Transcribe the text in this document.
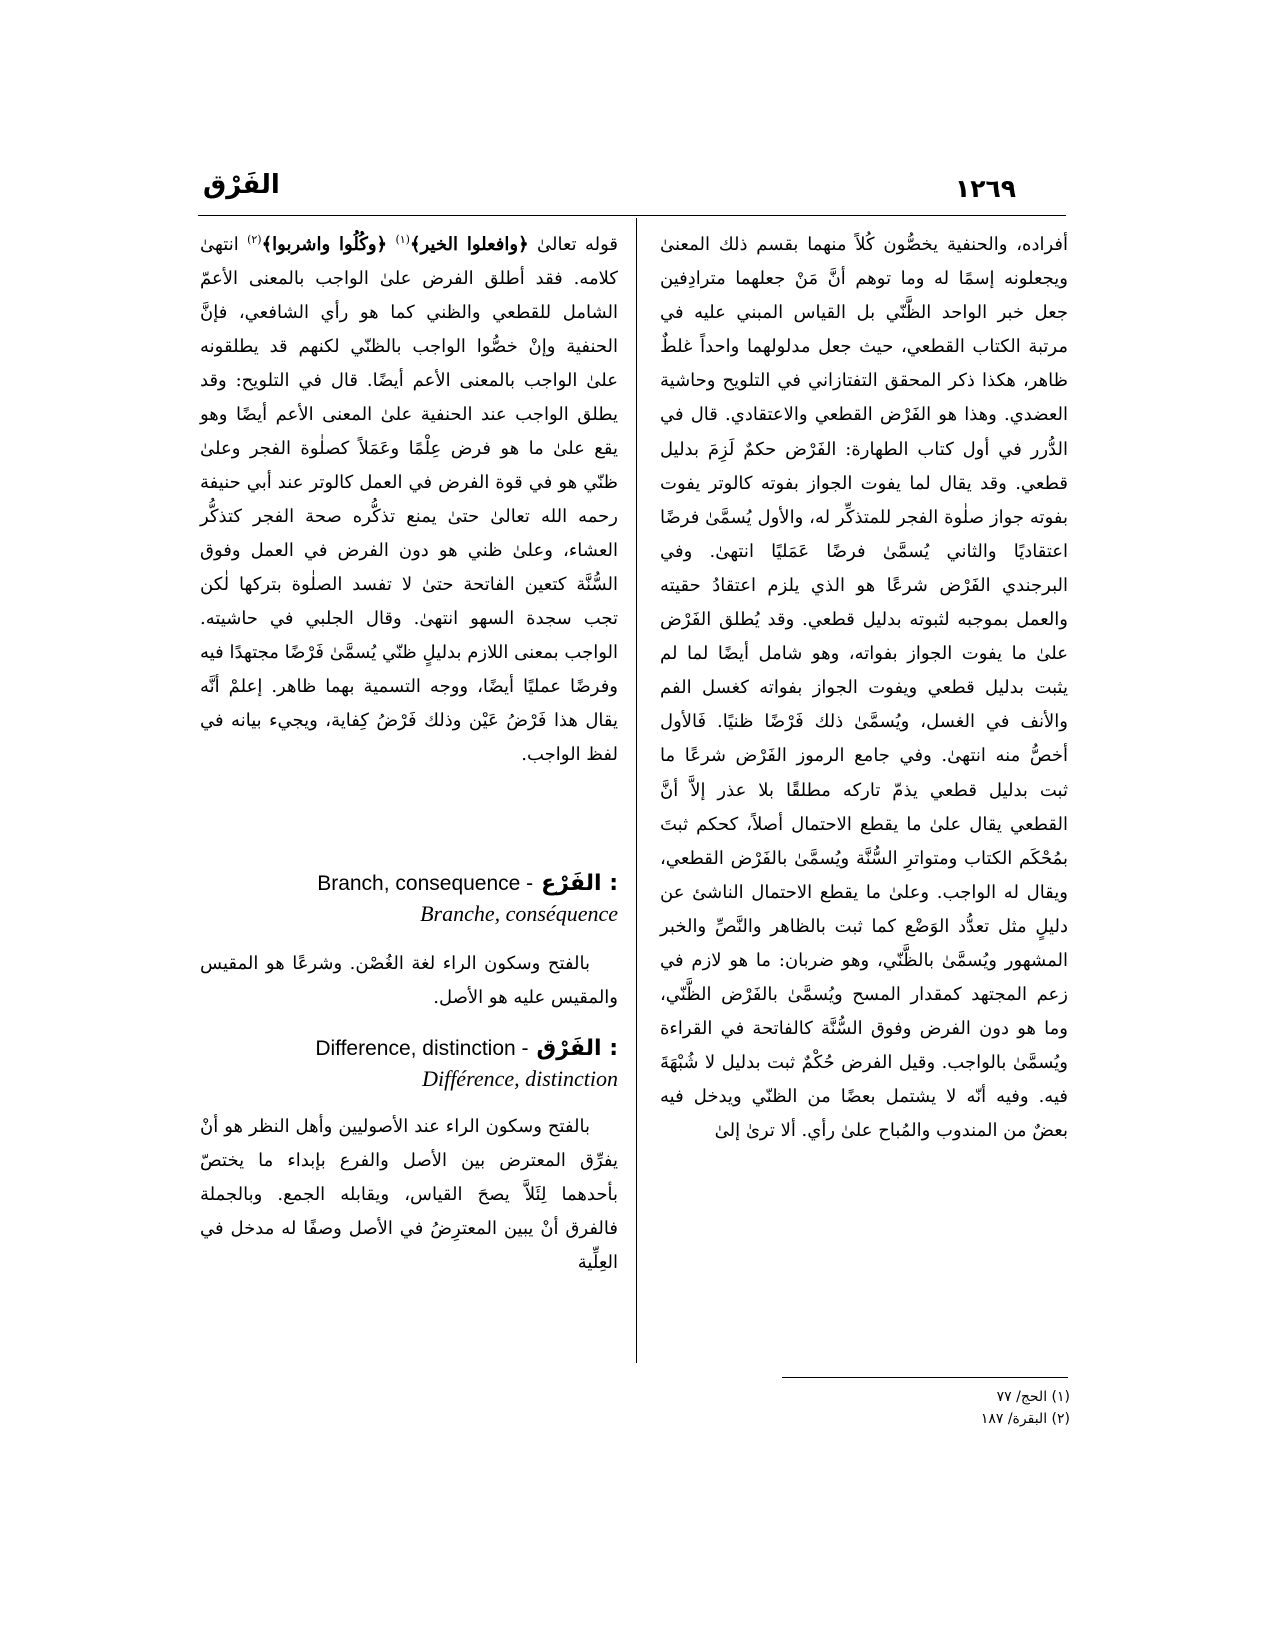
١٢٦٩
الفَرْق

أفراده، والحنفية يخصُّون كُلاً منهما بقسم ذلك المعنىٰ ويجعلونه إسمًا له وما توهم أنَّ مَنْ جعلهما مترادِفين جعل خبر الواحد الظَّنّي بل القياس المبني عليه في مرتبة الكتاب القطعي، حيث جعل مدلولهما واحداً غلطٌ ظاهر، هكذا ذكر المحقق التفتازاني في التلويح وحاشية العضدي. وهذا هو الفَرْض القطعي والاعتقادي. قال في الدُّرر في أول كتاب الطهارة: الفَرْض حكمٌ لَزِمَ بدليل قطعي. وقد يقال لما يفوت الجواز بفوته كالوتر يفوت بفوته جواز صلٰوة الفجر للمتذكِّر له، والأول يُسمَّىٰ فرضًا اعتقاديًا والثاني يُسمَّىٰ فرضًا عَمَليًا انتهىٰ. وفي البرجندي الفَرْض شرعًا هو الذي يلزم اعتقادُ حقيته والعمل بموجبه لثبوته بدليل قطعي. وقد يُطلق الفَرْض علىٰ ما يفوت الجواز بفواته، وهو شامل أيضًا لما لم يثبت بدليل قطعي ويفوت الجواز بفواته كغسل الفم والأنف في الغسل، ويُسمَّىٰ ذلك فَرْضًا ظنيًا. فَالأول أخصُّ منه انتهىٰ. وفي جامع الرموز الفَرْض شرعًا ما ثبت بدليل قطعي يذمّ تاركه مطلقًا بلا عذر إلاَّ أنَّ القطعي يقال علىٰ ما يقطع الاحتمال أصلاً، كحكم ثبتَ بمُحْكَم الكتاب ومتواترِ السُّنَّة ويُسمَّىٰ بالفَرْض القطعي، ويقال له الواجب. وعلىٰ ما يقطع الاحتمال الناشئ عن دليلٍ مثل تعدُّد الوَضْع كما ثبت بالظاهر والنَّصِّ والخبر المشهور ويُسمَّىٰ بالظَّنّي، وهو ضربان: ما هو لازم في زعم المجتهد كمقدار المسح ويُسمَّىٰ بالفَرْض الظَّنّي، وما هو دون الفرض وفوق السُّنَّة كالفاتحة في القراءة ويُسمَّىٰ بالواجب. وقيل الفرض حُكْمٌ ثبت بدليل لا شُبْهَةَ فيه. وفيه أنّه لا يشتمل بعضًا من الظنّي ويدخل فيه بعضٌ من المندوب والمُباح علىٰ رأي. ألا ترىٰ إلىٰ

قوله تعالىٰ ﴿وافعلوا الخير﴾$^{(١)}$ ﴿وكُلُوا واشربوا﴾$^{(٢)}$ انتهىٰ كلامه. فقد أطلق الفرض علىٰ الواجب بالمعنى الأعمّ الشامل للقطعي والظني كما هو رأي الشافعي، فإنَّ الحنفية وإنْ خصُّوا الواجب بالظنّي لكنهم قد يطلقونه علىٰ الواجب بالمعنى الأعم أيضًا. قال في التلويح: وقد يطلق الواجب عند الحنفية علىٰ المعنى الأعم أيضًا وهو يقع علىٰ ما هو فرض عِلْمًا وعَمَلاً كصلٰوة الفجر وعلىٰ ظنّي هو في قوة الفرض في العمل كالوتر عند أبي حنيفة رحمه الله تعالىٰ حتىٰ يمنع تذكُّره صحة الفجر كتذكُّر العشاء، وعلىٰ ظني هو دون الفرض في العمل وفوق السُّنَّة كتعين الفاتحة حتىٰ لا تفسد الصلٰوة بتركها لٰكن تجب سجدة السهو انتهىٰ. وقال الجلبي في حاشيته. الواجب بمعنى اللازم بدليلٍ ظنّي يُسمَّىٰ فَرْضًا مجتهدًا فيه وفرضًا عمليًا أيضًا، ووجه التسمية بهما ظاهر. إعلمْ أنَّه يقال هذا فَرْضُ عَيْن وذلك فَرْضُ كِفاية، ويجيء بيانه في لفظ الواجب.

Branch, consequence - الفَرْع :
Branche, conséquence

بالفتح وسكون الراء لغة الغُصْن. وشرعًا هو المقيس والمقيس عليه هو الأصل.

Difference, distinction - الفَرْق :
Différence, distinction

بالفتح وسكون الراء عند الأصوليين وأهل النظر هو أنْ يفرِّق المعترض بين الأصل والفرع بإبداء ما يختصّ بأحدهما لِئَلاَّ يصحَ القياس، ويقابله الجمع. وبالجملة فالفرق أنْ يبين المعترِضُ في الأصل وصفًا له مدخل في العِلِّية

(١) الحج/ ٧٧
(٢) البقرة/ ١٨٧
